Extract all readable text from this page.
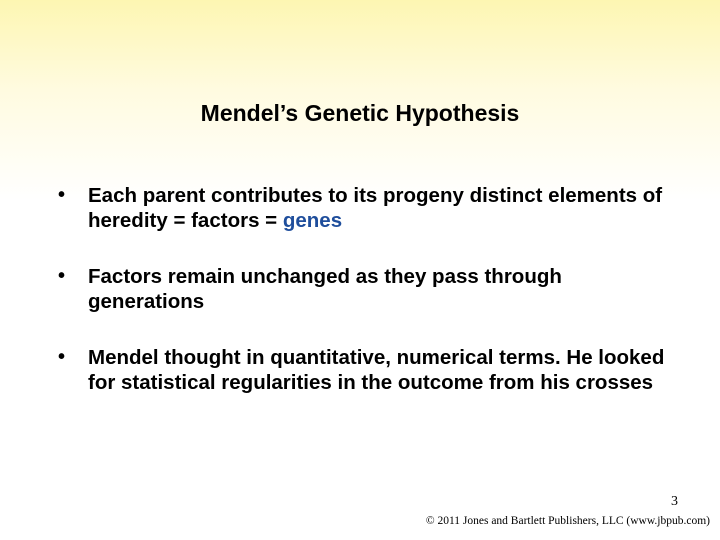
Mendel’s Genetic Hypothesis
•	Each parent contributes to its progeny distinct elements of heredity = factors = genes
•	Factors remain unchanged as they pass through generations
•	Mendel thought in quantitative, numerical terms. He looked for statistical regularities in the outcome from his crosses
3
© 2011 Jones and Bartlett Publishers, LLC (www.jbpub.com)
